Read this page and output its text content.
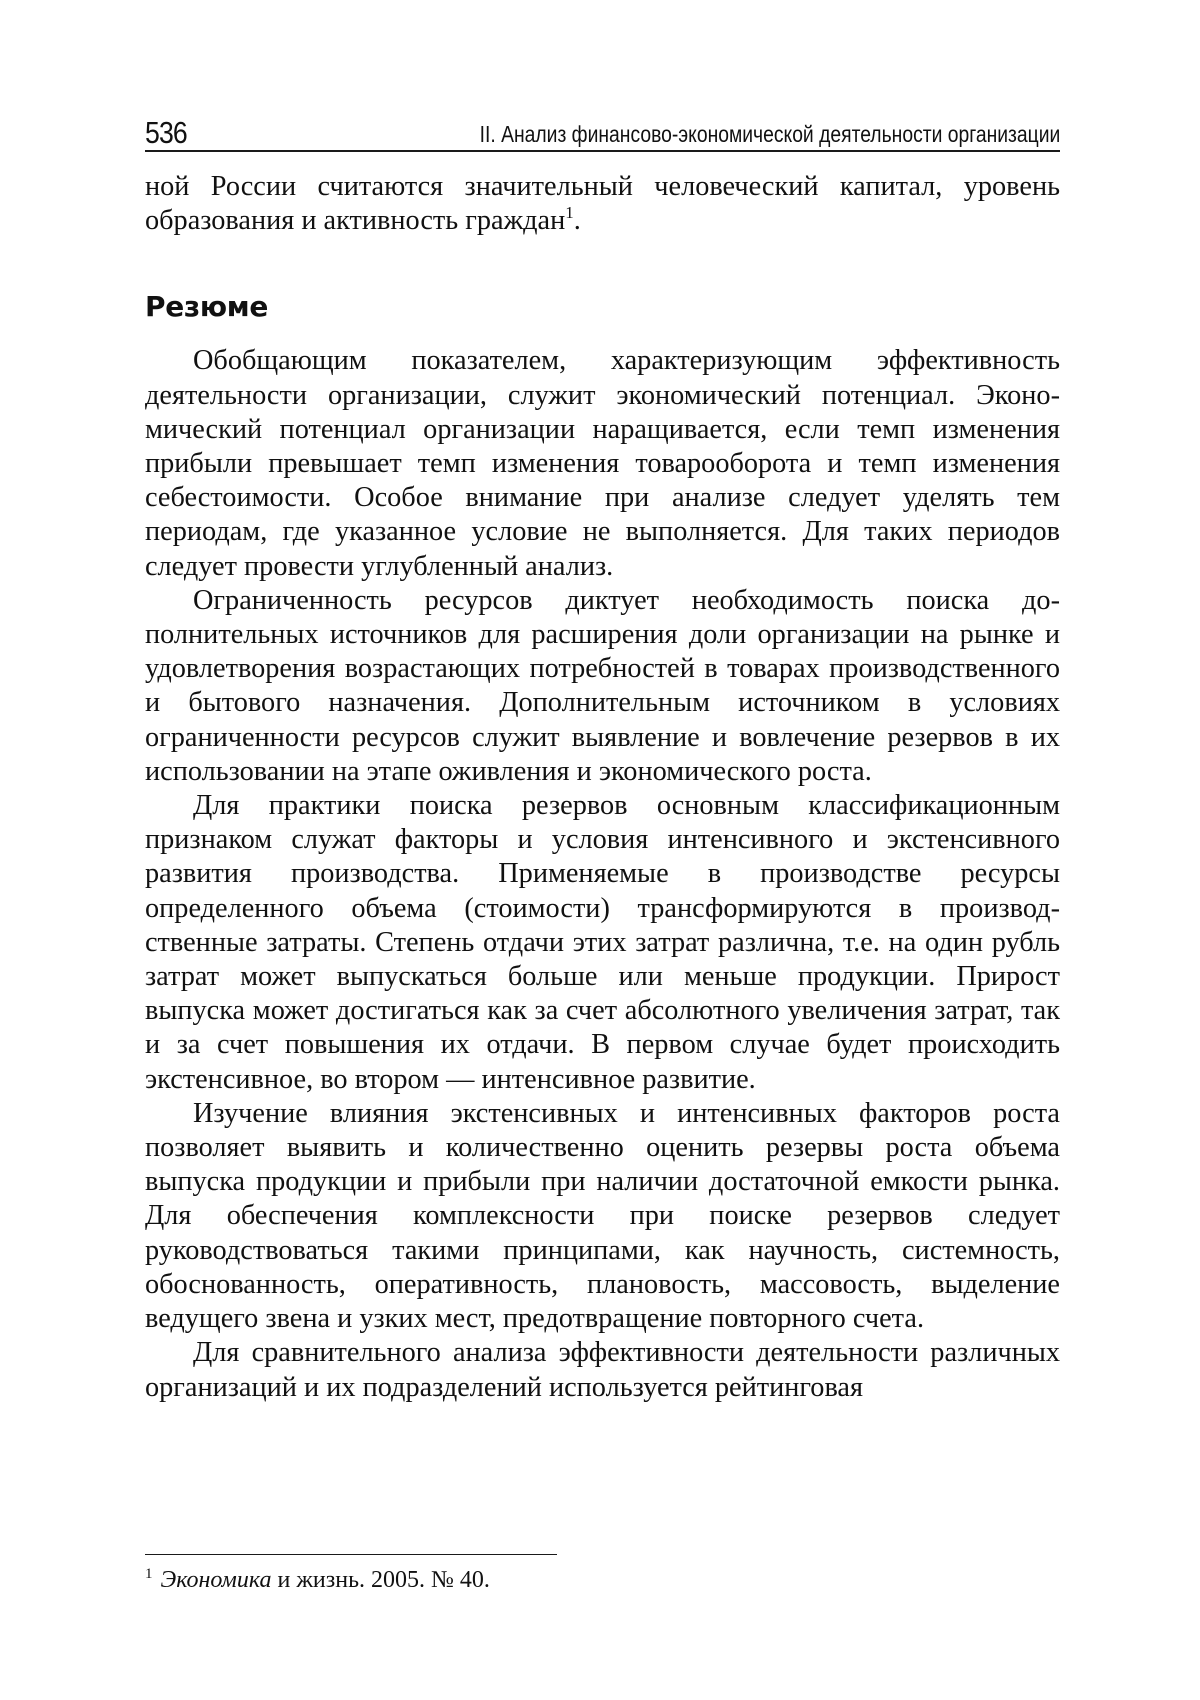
536	II. Анализ финансово-экономической деятельности организации

ной России считаются значительный человеческий капитал, уровень образования и активность граждан$^1$.

Резюме

Обобщающим показателем, характеризующим эффективность деятельности организации, служит экономический потенциал. Экономический потенциал организации наращивается, если темп изменения прибыли превышает темп изменения товарооборота и темп изменения себестоимости. Особое внимание при анализе следует уделять тем периодам, где указанное условие не выполняется. Для таких периодов следует провести углубленный анализ.

Ограниченность ресурсов диктует необходимость поиска дополнительных источников для расширения доли организации на рынке и удовлетворения возрастающих потребностей в товарах производственного и бытового назначения. Дополнительным источником в условиях ограниченности ресурсов служит выявление и вовлечение резервов в их использовании на этапе оживления и экономического роста.

Для практики поиска резервов основным классификационным признаком служат факторы и условия интенсивного и экстенсивного развития производства. Применяемые в производстве ресурсы определенного объема (стоимости) трансформируются в производственные затраты. Степень отдачи этих затрат различна, т.е. на один рубль затрат может выпускаться больше или меньше продукции. Прирост выпуска может достигаться как за счет абсолютного увеличения затрат, так и за счет повышения их отдачи. В первом случае будет происходить экстенсивное, во втором — интенсивное развитие.

Изучение влияния экстенсивных и интенсивных факторов роста позволяет выявить и количественно оценить резервы роста объема выпуска продукции и прибыли при наличии достаточной емкости рынка. Для обеспечения комплексности при поиске резервов следует руководствоваться такими принципами, как научность, системность, обоснованность, оперативность, плановость, массовость, выделение ведущего звена и узких мест, предотвращение повторного счета.

Для сравнительного анализа эффективности деятельности различных организаций и их подразделений используется рейтинговая

$^1$ Экономика и жизнь. 2005. № 40.
